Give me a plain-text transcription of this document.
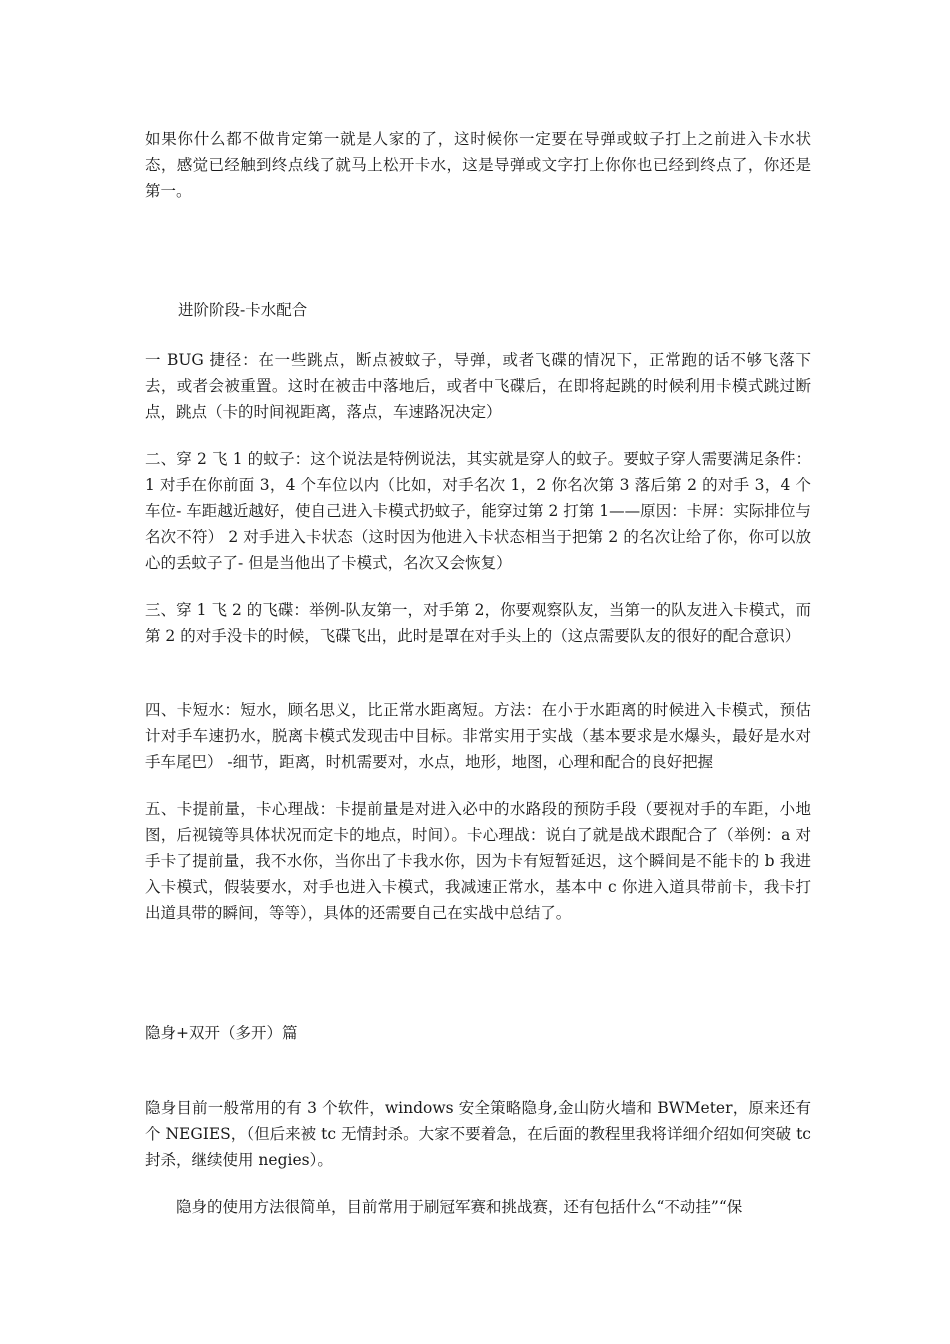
如果你什么都不做肯定第一就是人家的了，这时候你一定要在导弹或蚊子打上之前进入卡水状态，感觉已经触到终点线了就马上松开卡水，这是导弹或文字打上你你也已经到终点了，你还是第一。

进阶阶段-卡水配合

一 BUG 捷径：在一些跳点，断点被蚊子，导弹，或者飞碟的情况下，正常跑的话不够飞落下去，或者会被重置。这时在被击中落地后，或者中飞碟后，在即将起跳的时候利用卡模式跳过断点，跳点（卡的时间视距离，落点，车速路况决定）

二、穿 2 飞 1 的蚊子：这个说法是特例说法，其实就是穿人的蚊子。要蚊子穿人需要满足条件：1 对手在你前面 3，4 个车位以内（比如，对手名次 1，2 你名次第 3 落后第 2 的对手 3，4 个车位- 车距越近越好，使自己进入卡模式扔蚊子，能穿过第 2 打第 1——原因：卡屏：实际排位与名次不符） 2 对手进入卡状态（这时因为他进入卡状态相当于把第 2 的名次让给了你，你可以放心的丢蚊子了- 但是当他出了卡模式，名次又会恢复）

三、穿 1 飞 2 的飞碟：举例-队友第一，对手第 2，你要观察队友，当第一的队友进入卡模式，而第 2 的对手没卡的时候，飞碟飞出，此时是罩在对手头上的（这点需要队友的很好的配合意识）

四、卡短水：短水，顾名思义，比正常水距离短。方法：在小于水距离的时候进入卡模式，预估计对手车速扔水，脱离卡模式发现击中目标。非常实用于实战（基本要求是水爆头，最好是水对手车尾巴） -细节，距离，时机需要对，水点，地形，地图，心理和配合的良好把握

五、卡提前量，卡心理战：卡提前量是对进入必中的水路段的预防手段（要视对手的车距，小地图，后视镜等具体状况而定卡的地点，时间）。卡心理战：说白了就是战术跟配合了（举例：a 对手卡了提前量，我不水你，当你出了卡我水你，因为卡有短暂延迟，这个瞬间是不能卡的 b 我进入卡模式，假装要水，对手也进入卡模式，我减速正常水，基本中 c 你进入道具带前卡，我卡打出道具带的瞬间，等等），具体的还需要自己在实战中总结了。

隐身+双开（多开）篇

隐身目前一般常用的有 3 个软件，windows 安全策略隐身,金山防火墙和 BWMeter，原来还有个 NEGIES，（但后来被 tc 无情封杀。大家不要着急，在后面的教程里我将详细介绍如何突破 tc 封杀，继续使用 negies）。

隐身的使用方法很简单，目前常用于刷冠军赛和挑战赛，还有包括什么“不动挂”“保
